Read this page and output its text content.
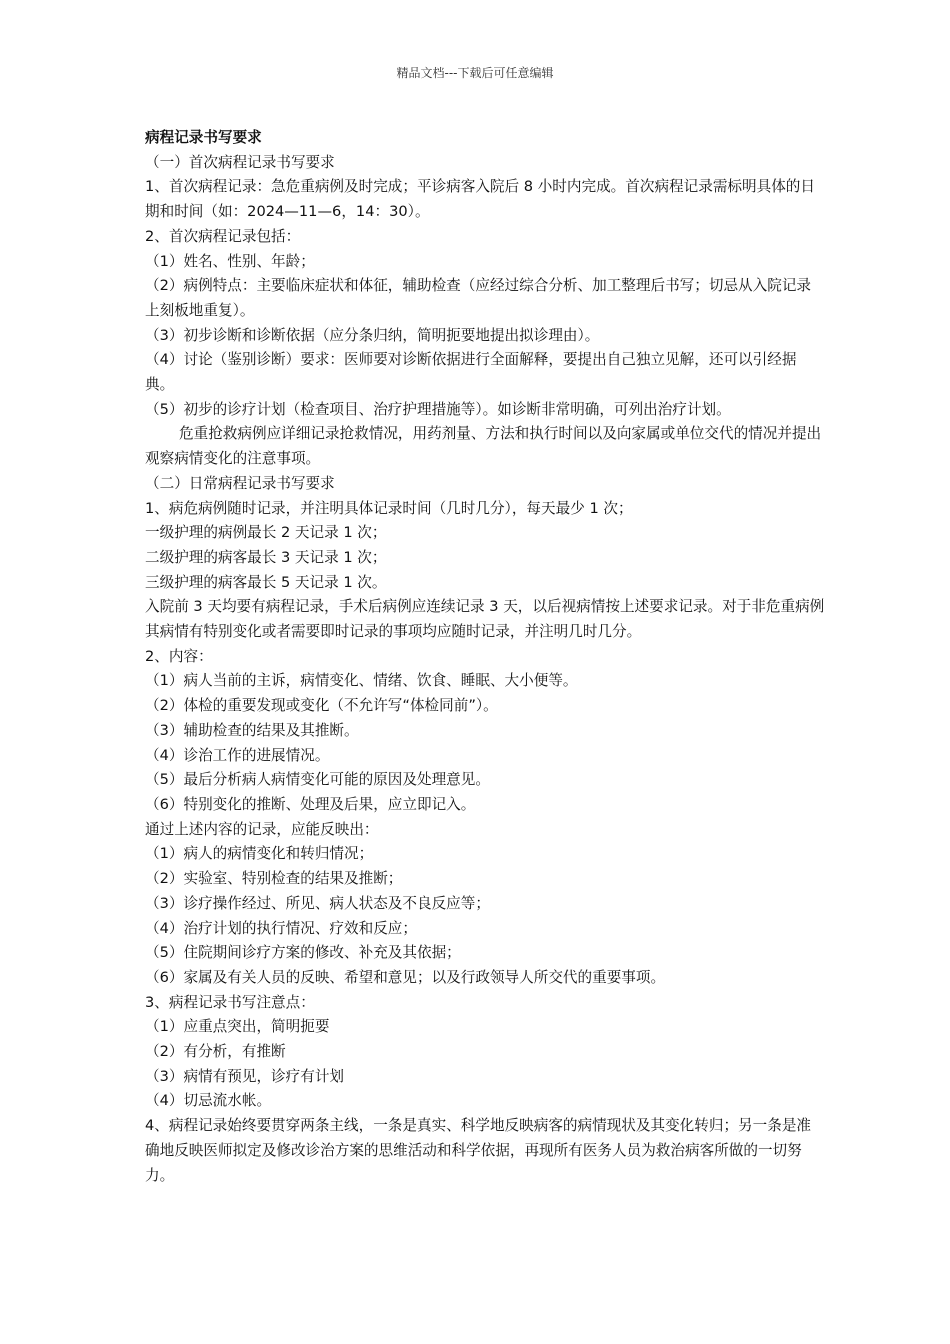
精品文档---下载后可任意编辑
病程记录书写要求
（一）首次病程记录书写要求
1、首次病程记录：急危重病例及时完成；平诊病客入院后 8 小时内完成。首次病程记录需标明具体的日期和时间（如：2024—11—6，14：30）。
2、首次病程记录包括：
（1）姓名、性别、年龄；
（2）病例特点：主要临床症状和体征，辅助检查（应经过综合分析、加工整理后书写；切忌从入院记录上刻板地重复）。
（3）初步诊断和诊断依据（应分条归纳，简明扼要地提出拟诊理由）。
（4）讨论（鉴别诊断）要求：医师要对诊断依据进行全面解释，要提出自己独立见解，还可以引经据典。
（5）初步的诊疗计划（检查项目、治疗护理措施等）。如诊断非常明确，可列出治疗计划。
危重抢救病例应详细记录抢救情况，用药剂量、方法和执行时间以及向家属或单位交代的情况并提出观察病情变化的注意事项。
（二）日常病程记录书写要求
1、病危病例随时记录，并注明具体记录时间（几时几分），每天最少 1 次；
一级护理的病例最长 2 天记录 1 次；
二级护理的病客最长 3 天记录 1 次；
三级护理的病客最长 5 天记录 1 次。
入院前 3 天均要有病程记录，手术后病例应连续记录 3 天，以后视病情按上述要求记录。对于非危重病例其病情有特别变化或者需要即时记录的事项均应随时记录，并注明几时几分。
2、内容：
（1）病人当前的主诉，病情变化、情绪、饮食、睡眠、大小便等。
（2）体检的重要发现或变化（不允许写“体检同前”）。
（3）辅助检查的结果及其推断。
（4）诊治工作的进展情况。
（5）最后分析病人病情变化可能的原因及处理意见。
（6）特别变化的推断、处理及后果，应立即记入。
通过上述内容的记录，应能反映出：
（1）病人的病情变化和转归情况；
（2）实验室、特别检查的结果及推断；
（3）诊疗操作经过、所见、病人状态及不良反应等；
（4）治疗计划的执行情况、疗效和反应；
（5）住院期间诊疗方案的修改、补充及其依据；
（6）家属及有关人员的反映、希望和意见；以及行政领导人所交代的重要事项。
3、病程记录书写注意点：
（1）应重点突出，简明扼要
（2）有分析，有推断
（3）病情有预见，诊疗有计划
（4）切忌流水帐。
4、病程记录始终要贯穿两条主线，一条是真实、科学地反映病客的病情现状及其变化转归；另一条是准确地反映医师拟定及修改诊治方案的思维活动和科学依据，再现所有医务人员为救治病客所做的一切努力。
